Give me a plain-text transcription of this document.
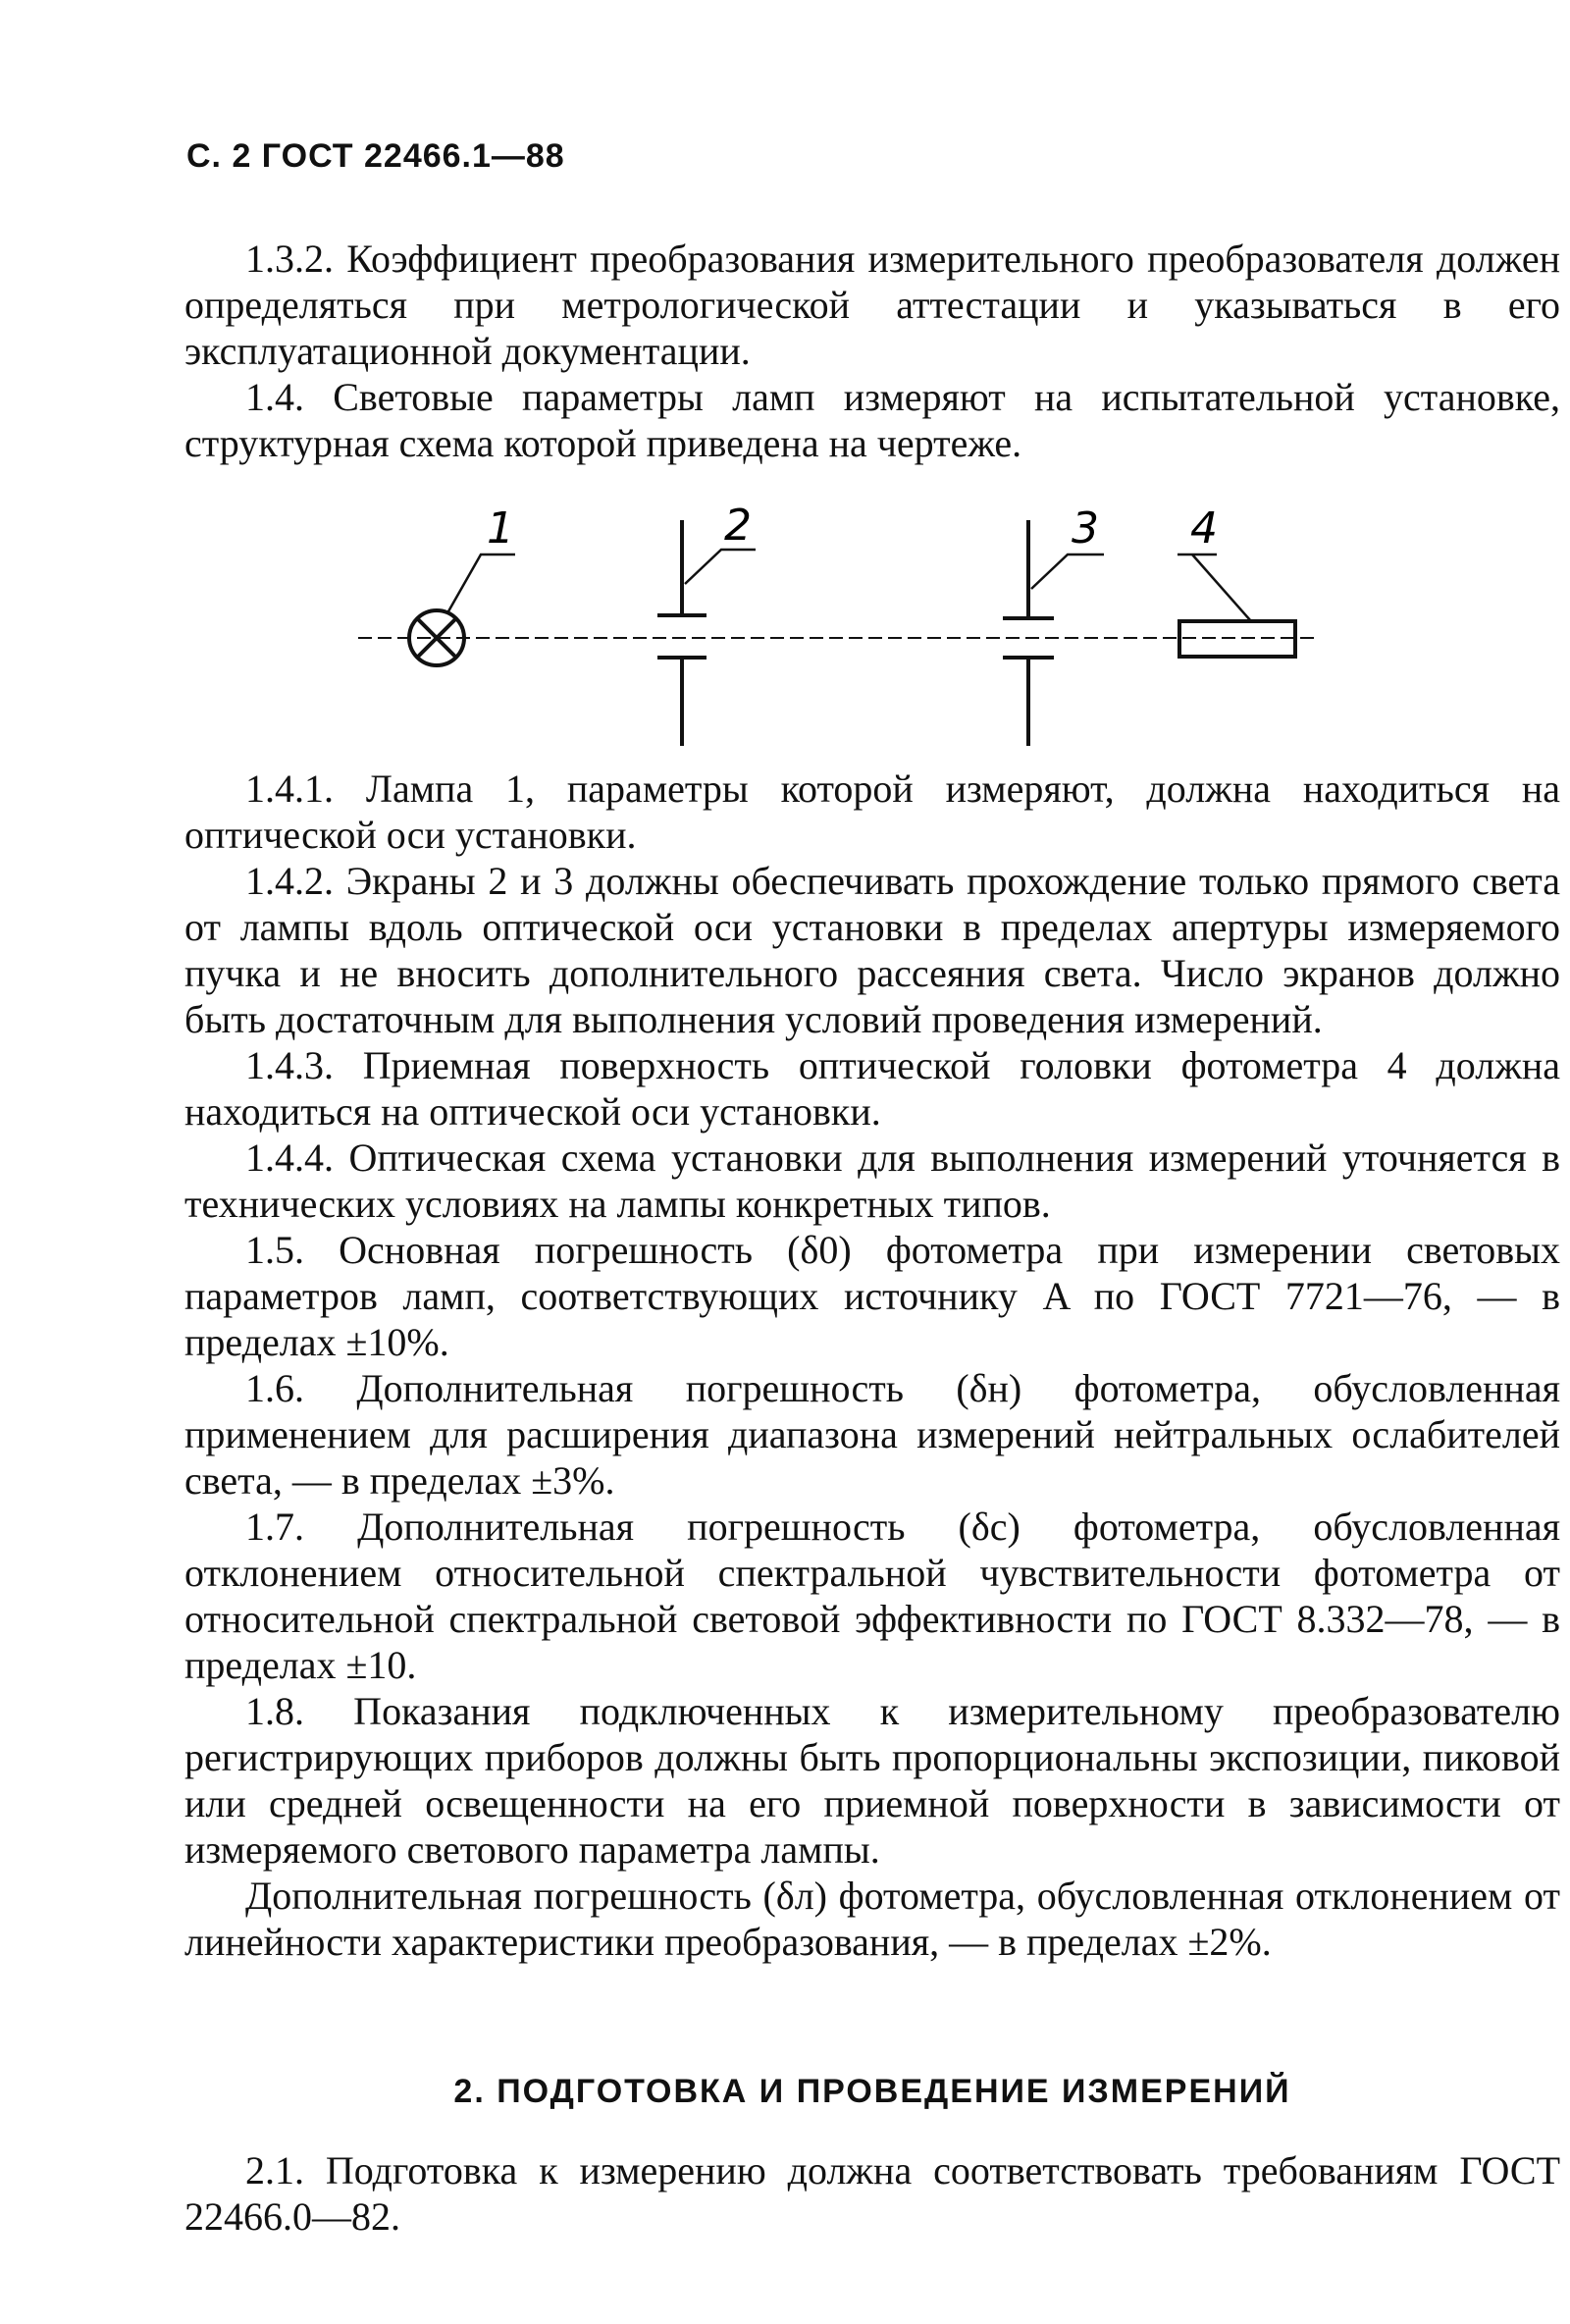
С. 2 ГОСТ 22466.1—88

1.3.2. Коэффициент преобразования измерительного преобразователя должен определяться при метрологической аттестации и указываться в его эксплуатационной документации.

1.4. Световые параметры ламп измеряют на испытательной установке, структурная схема которой приведена на чертеже.

1	2	3 4

1.4.1. Лампа 1, параметры которой измеряют, должна находиться на оптической оси установки.

1.4.2. Экраны 2 и 3 должны обеспечивать прохождение только прямого света от лампы вдоль оптической оси установки в пределах апертуры измеряемого пучка и не вносить дополнительного рассеяния света. Число экранов должно быть достаточным для выполнения условий проведения измерений.

1.4.3. Приемная поверхность оптической головки фотометра 4 должна находиться на оптической оси установки.

1.4.4. Оптическая схема установки для выполнения измерений уточняется в технических условиях на лампы конкретных типов.

1.5. Основная погрешность (δ0) фотометра при измерении световых параметров ламп, соответствующих источнику A по ГОСТ 7721—76, — в пределах ±10%.

1.6. Дополнительная погрешность (δн) фотометра, обусловленная применением для расширения диапазона измерений нейтральных ослабителей света, — в пределах ±3%.

1.7. Дополнительная погрешность (δс) фотометра, обусловленная отклонением относительной спектральной чувствительности фотометра от относительной спектральной световой эффективности по ГОСТ 8.332—78, — в пределах ±10.

1.8. Показания подключенных к измерительному преобразователю регистрирующих приборов должны быть пропорциональны экспозиции, пиковой или средней освещенности на его приемной поверхности в зависимости от измеряемого светового параметра лампы.

Дополнительная погрешность (δл) фотометра, обусловленная отклонением от линейности характеристики преобразования, — в пределах ±2%.

2. ПОДГОТОВКА И ПРОВЕДЕНИЕ ИЗМЕРЕНИЙ

2.1. Подготовка к измерению должна соответствовать требованиям ГОСТ 22466.0—82.
